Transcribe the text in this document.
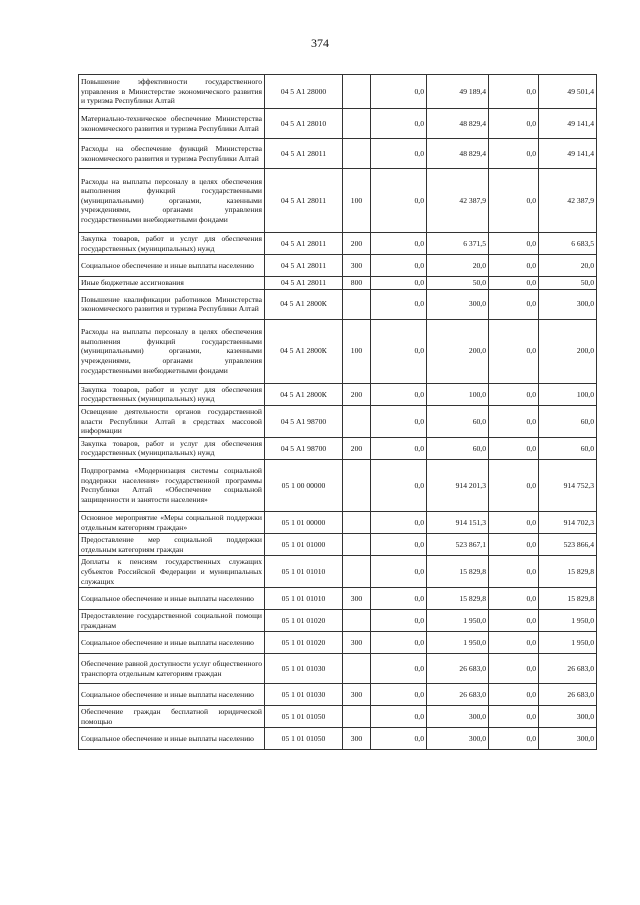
374
Повышение эффективности государственного управления в Министерстве экономического развития и туризма Республики Алтай	04 5 А1 28000		0,0	49 189,4	0,0	49 501,4
Материально-техническое обеспечение Министерства экономического развития и туризма Республики Алтай	04 5 А1 28010		0,0	48 829,4	0,0	49 141,4
Расходы на обеспечение функций Министерства экономического развития и туризма Республики Алтай	04 5 А1 28011		0,0	48 829,4	0,0	49 141,4
Расходы на выплаты персоналу в целях обеспечения выполнения функций государственными (муниципальными) органами, казенными учреждениями, органами управления государственными внебюджетными фондами	04 5 А1 28011	100	0,0	42 387,9	0,0	42 387,9
Закупка товаров, работ и услуг для обеспечения государственных (муниципальных) нужд	04 5 А1 28011	200	0,0	6 371,5	0,0	6 683,5
Социальное обеспечение и иные выплаты населению	04 5 А1 28011	300	0,0	20,0	0,0	20,0
Иные бюджетные ассигнования	04 5 А1 28011	800	0,0	50,0	0,0	50,0
Повышение квалификации работников Министерства экономического развития и туризма Республики Алтай	04 5 А1 2800К		0,0	300,0	0,0	300,0
Расходы на выплаты персоналу в целях обеспечения выполнения функций государственными (муниципальными) органами, казенными учреждениями, органами управления государственными внебюджетными фондами	04 5 А1 2800К	100	0,0	200,0	0,0	200,0
Закупка товаров, работ и услуг для обеспечения государственных (муниципальных) нужд	04 5 А1 2800К	200	0,0	100,0	0,0	100,0
Освещение деятельности органов государственной власти Республики Алтай в средствах массовой информации	04 5 А1 98700		0,0	60,0	0,0	60,0
Закупка товаров, работ и услуг для обеспечения государственных (муниципальных) нужд	04 5 А1 98700	200	0,0	60,0	0,0	60,0
Подпрограмма «Модернизация системы социальной поддержки населения» государственной программы Республики Алтай «Обеспечение социальной защищенности и занятости населения»	05 1 00 00000		0,0	914 201,3	0,0	914 752,3
Основное мероприятие «Меры социальной поддержки отдельным категориям граждан»	05 1 01 00000		0,0	914 151,3	0,0	914 702,3
Предоставление мер социальной поддержки отдельным категориям граждан	05 1 01 01000		0,0	523 867,1	0,0	523 866,4
Доплаты к пенсиям государственных служащих субъектов Российской Федерации и муниципальных служащих	05 1 01 01010		0,0	15 829,8	0,0	15 829,8
Социальное обеспечение и иные выплаты населению	05 1 01 01010	300	0,0	15 829,8	0,0	15 829,8
Предоставление государственной социальной помощи гражданам	05 1 01 01020		0,0	1 950,0	0,0	1 950,0
Социальное обеспечение и иные выплаты населению	05 1 01 01020	300	0,0	1 950,0	0,0	1 950,0
Обеспечение равной доступности услуг общественного транспорта отдельным категориям граждан	05 1 01 01030		0,0	26 683,0	0,0	26 683,0
Социальное обеспечение и иные выплаты населению	05 1 01 01030	300	0,0	26 683,0	0,0	26 683,0
Обеспечение граждан бесплатной юридической помощью	05 1 01 01050		0,0	300,0	0,0	300,0
Социальное обеспечение и иные выплаты населению	05 1 01 01050	300	0,0	300,0	0,0	300,0
